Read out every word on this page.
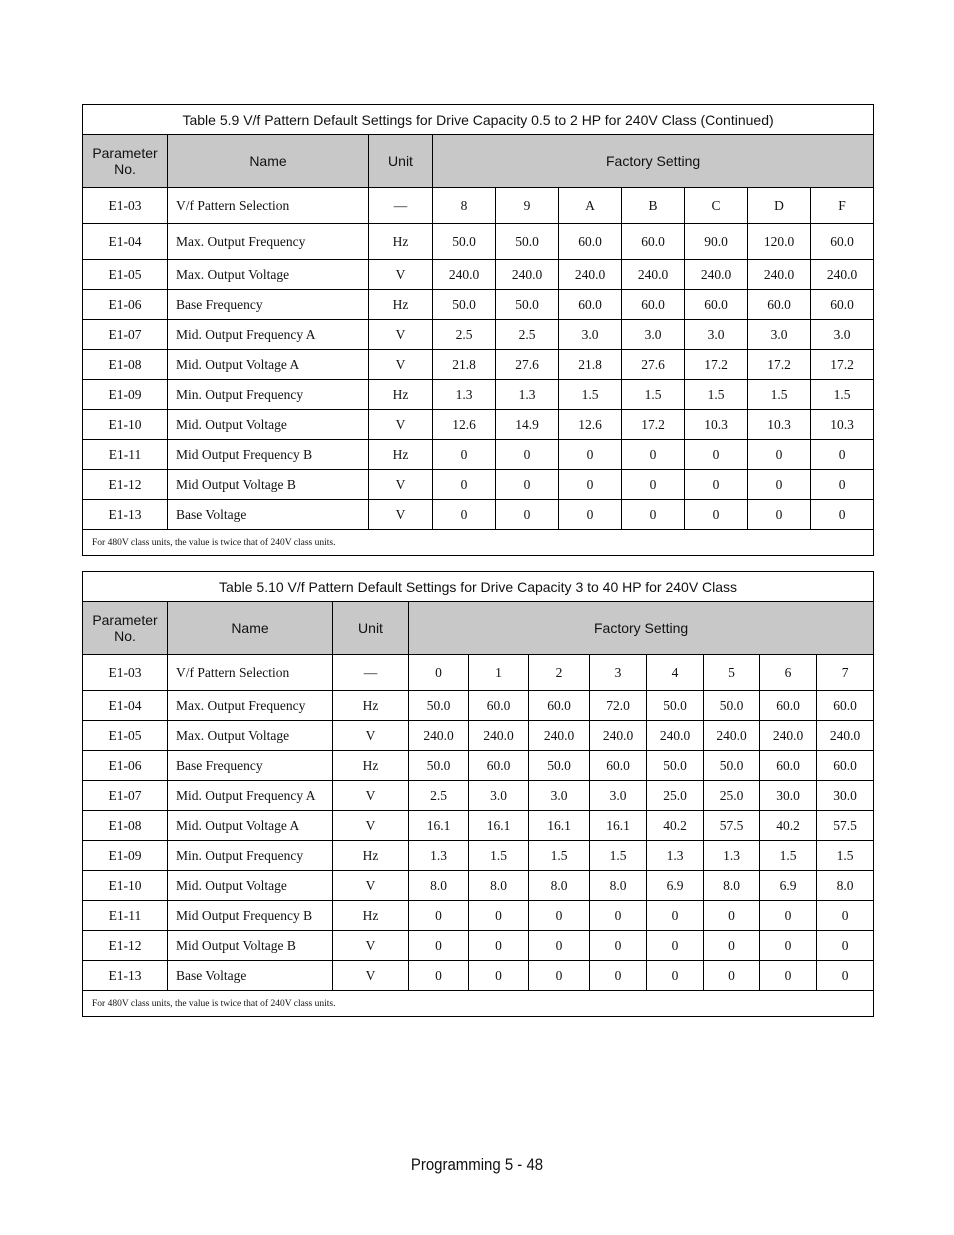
Table 5.9 V/f Pattern Default Settings for Drive Capacity 0.5 to 2 HP for 240V Class (Continued)									
Parameter No.	Name	Unit	Factory Setting						
E1-03	V/f Pattern Selection	—	8	9	A	B	C	D	F
E1-04	Max. Output Frequency	Hz	50.0	50.0	60.0	60.0	90.0	120.0	60.0
E1-05	Max. Output Voltage	V	240.0	240.0	240.0	240.0	240.0	240.0	240.0
E1-06	Base Frequency	Hz	50.0	50.0	60.0	60.0	60.0	60.0	60.0
E1-07	Mid. Output Frequency A	V	2.5	2.5	3.0	3.0	3.0	3.0	3.0
E1-08	Mid. Output Voltage A	V	21.8	27.6	21.8	27.6	17.2	17.2	17.2
E1-09	Min. Output Frequency	Hz	1.3	1.3	1.5	1.5	1.5	1.5	1.5
E1-10	Mid. Output Voltage	V	12.6	14.9	12.6	17.2	10.3	10.3	10.3
E1-11	Mid Output Frequency B	Hz	0	0	0	0	0	0	0
E1-12	Mid Output Voltage B	V	0	0	0	0	0	0	0
E1-13	Base Voltage	V	0	0	0	0	0	0	0
For 480V class units, the value is twice that of 240V class units.									
Table 5.10 V/f Pattern Default Settings for Drive Capacity 3 to 40 HP for 240V Class										
Parameter No.	Name	Unit	Factory Setting							
E1-03	V/f Pattern Selection	—	0	1	2	3	4	5	6	7
E1-04	Max. Output Frequency	Hz	50.0	60.0	60.0	72.0	50.0	50.0	60.0	60.0
E1-05	Max. Output Voltage	V	240.0	240.0	240.0	240.0	240.0	240.0	240.0	240.0
E1-06	Base Frequency	Hz	50.0	60.0	50.0	60.0	50.0	50.0	60.0	60.0
E1-07	Mid. Output Frequency A	V	2.5	3.0	3.0	3.0	25.0	25.0	30.0	30.0
E1-08	Mid. Output Voltage A	V	16.1	16.1	16.1	16.1	40.2	57.5	40.2	57.5
E1-09	Min. Output Frequency	Hz	1.3	1.5	1.5	1.5	1.3	1.3	1.5	1.5
E1-10	Mid. Output Voltage	V	8.0	8.0	8.0	8.0	6.9	8.0	6.9	8.0
E1-11	Mid Output Frequency B	Hz	0	0	0	0	0	0	0	0
E1-12	Mid Output Voltage B	V	0	0	0	0	0	0	0	0
E1-13	Base Voltage	V	0	0	0	0	0	0	0	0
For 480V class units, the value is twice that of 240V class units.										
Programming 5 - 48
